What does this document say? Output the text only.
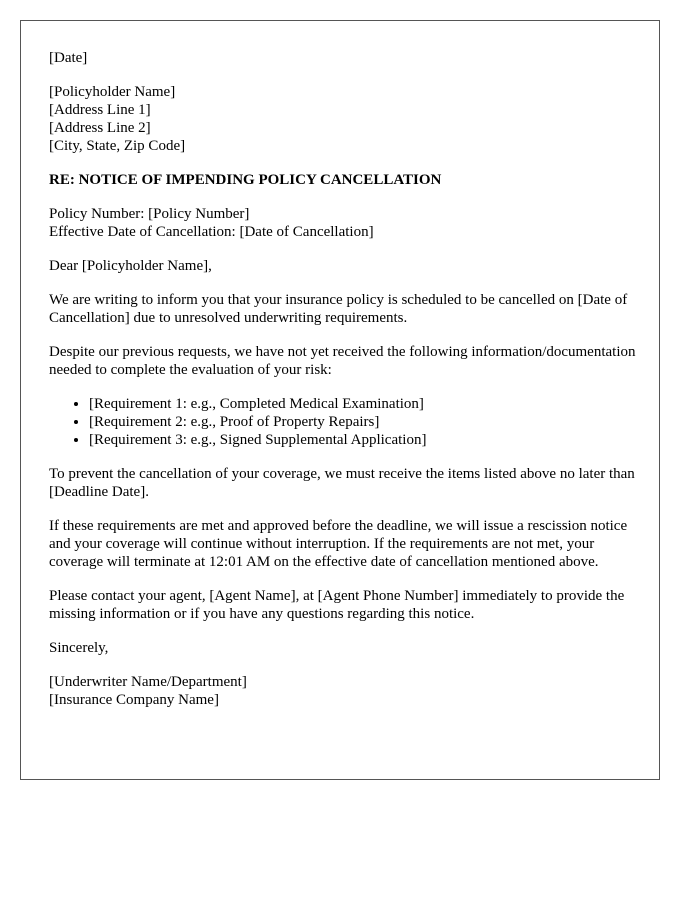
[Date]

[Policyholder Name]
[Address Line 1]
[Address Line 2]
[City, State, Zip Code]

RE: NOTICE OF IMPENDING POLICY CANCELLATION

Policy Number: [Policy Number]
Effective Date of Cancellation: [Date of Cancellation]

Dear [Policyholder Name],

We are writing to inform you that your insurance policy is scheduled to be cancelled on [Date of Cancellation] due to unresolved underwriting requirements.

Despite our previous requests, we have not yet received the following information/documentation needed to complete the evaluation of your risk:

• [Requirement 1: e.g., Completed Medical Examination]
• [Requirement 2: e.g., Proof of Property Repairs]
• [Requirement 3: e.g., Signed Supplemental Application]

To prevent the cancellation of your coverage, we must receive the items listed above no later than [Deadline Date].

If these requirements are met and approved before the deadline, we will issue a rescission notice and your coverage will continue without interruption. If the requirements are not met, your coverage will terminate at 12:01 AM on the effective date of cancellation mentioned above.

Please contact your agent, [Agent Name], at [Agent Phone Number] immediately to provide the missing information or if you have any questions regarding this notice.

Sincerely,

[Underwriter Name/Department]
[Insurance Company Name]
